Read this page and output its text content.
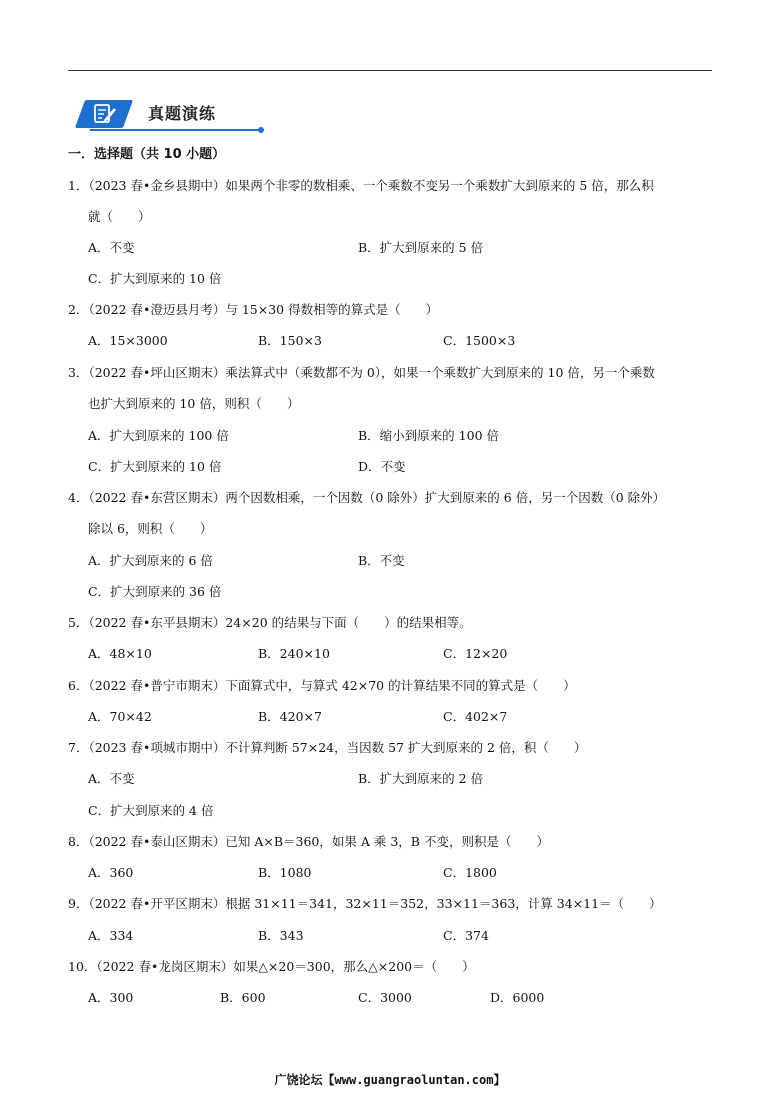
真题演练
一．选择题（共 10 小题）
1．（2023 春•金乡县期中）如果两个非零的数相乘、一个乘数不变另一个乘数扩大到原来的 5 倍，那么积
就（　　）
A．不变	B．扩大到原来的 5 倍
C．扩大到原来的 10 倍
2．（2022 春•澄迈县月考）与 15×30 得数相等的算式是（　　）
A．15×3000	B．150×3	C．1500×3
3．（2022 春•坪山区期末）乘法算式中（乘数都不为 0），如果一个乘数扩大到原来的 10 倍，另一个乘数
也扩大到原来的 10 倍，则积（　　）
A．扩大到原来的 100 倍	B．缩小到原来的 100 倍
C．扩大到原来的 10 倍	D．不变
4．（2022 春•东营区期末）两个因数相乘，一个因数（0 除外）扩大到原来的 6 倍，另一个因数（0 除外）
除以 6，则积（　　）
A．扩大到原来的 6 倍	B．不变
C．扩大到原来的 36 倍
5．（2022 春•东平县期末）24×20 的结果与下面（　　）的结果相等。
A．48×10	B．240×10	C．12×20
6．（2022 春•普宁市期末）下面算式中，与算式 42×70 的计算结果不同的算式是（　　）
A．70×42	B．420×7	C．402×7
7．（2023 春•项城市期中）不计算判断 57×24，当因数 57 扩大到原来的 2 倍，积（　　）
A．不变	B．扩大到原来的 2 倍
C．扩大到原来的 4 倍
8．（2022 春•泰山区期末）已知 A×B＝360，如果 A 乘 3，B 不变，则积是（　　）
A．360	B．1080	C．1800
9．（2022 春•开平区期末）根据 31×11＝341，32×11＝352，33×11＝363，计算 34×11＝（　　）
A．334	B．343	C．374
10．（2022 春•龙岗区期末）如果△×20＝300，那么△×200＝（　　）
A．300	B．600	C．3000	D．6000
广饶论坛【www.guangraoluntan.com】
